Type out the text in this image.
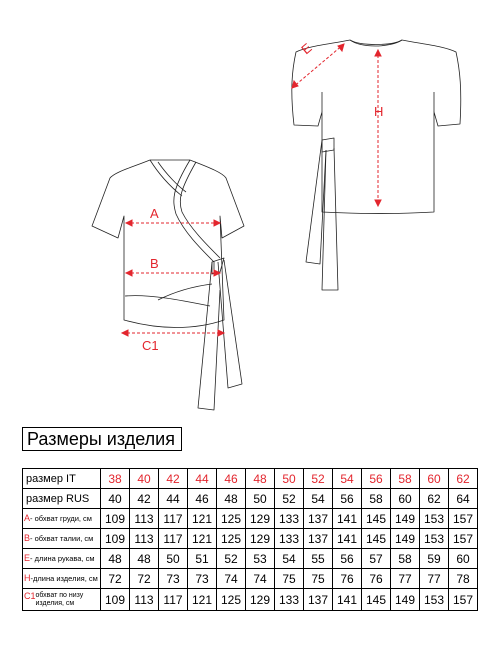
A
B
C1
E
H
Размеры изделия
размер IT	38	40	42	44	46	48	50	52	54	56	58	60	62
размер RUS	40	42	44	46	48	50	52	54	56	58	60	62	64
A- обхват груди, см	109	113	117	121	125	129	133	137	141	145	149	153	157
B- обхват талии, см	109	113	117	121	125	129	133	137	141	145	149	153	157
E- длина рукава, см	48	48	50	51	52	53	54	55	56	57	58	59	60
H-длина изделия, см	72	72	73	73	74	74	75	75	76	76	77	77	78
C1обхват по низу изделия, см	109	113	117	121	125	129	133	137	141	145	149	153	157
